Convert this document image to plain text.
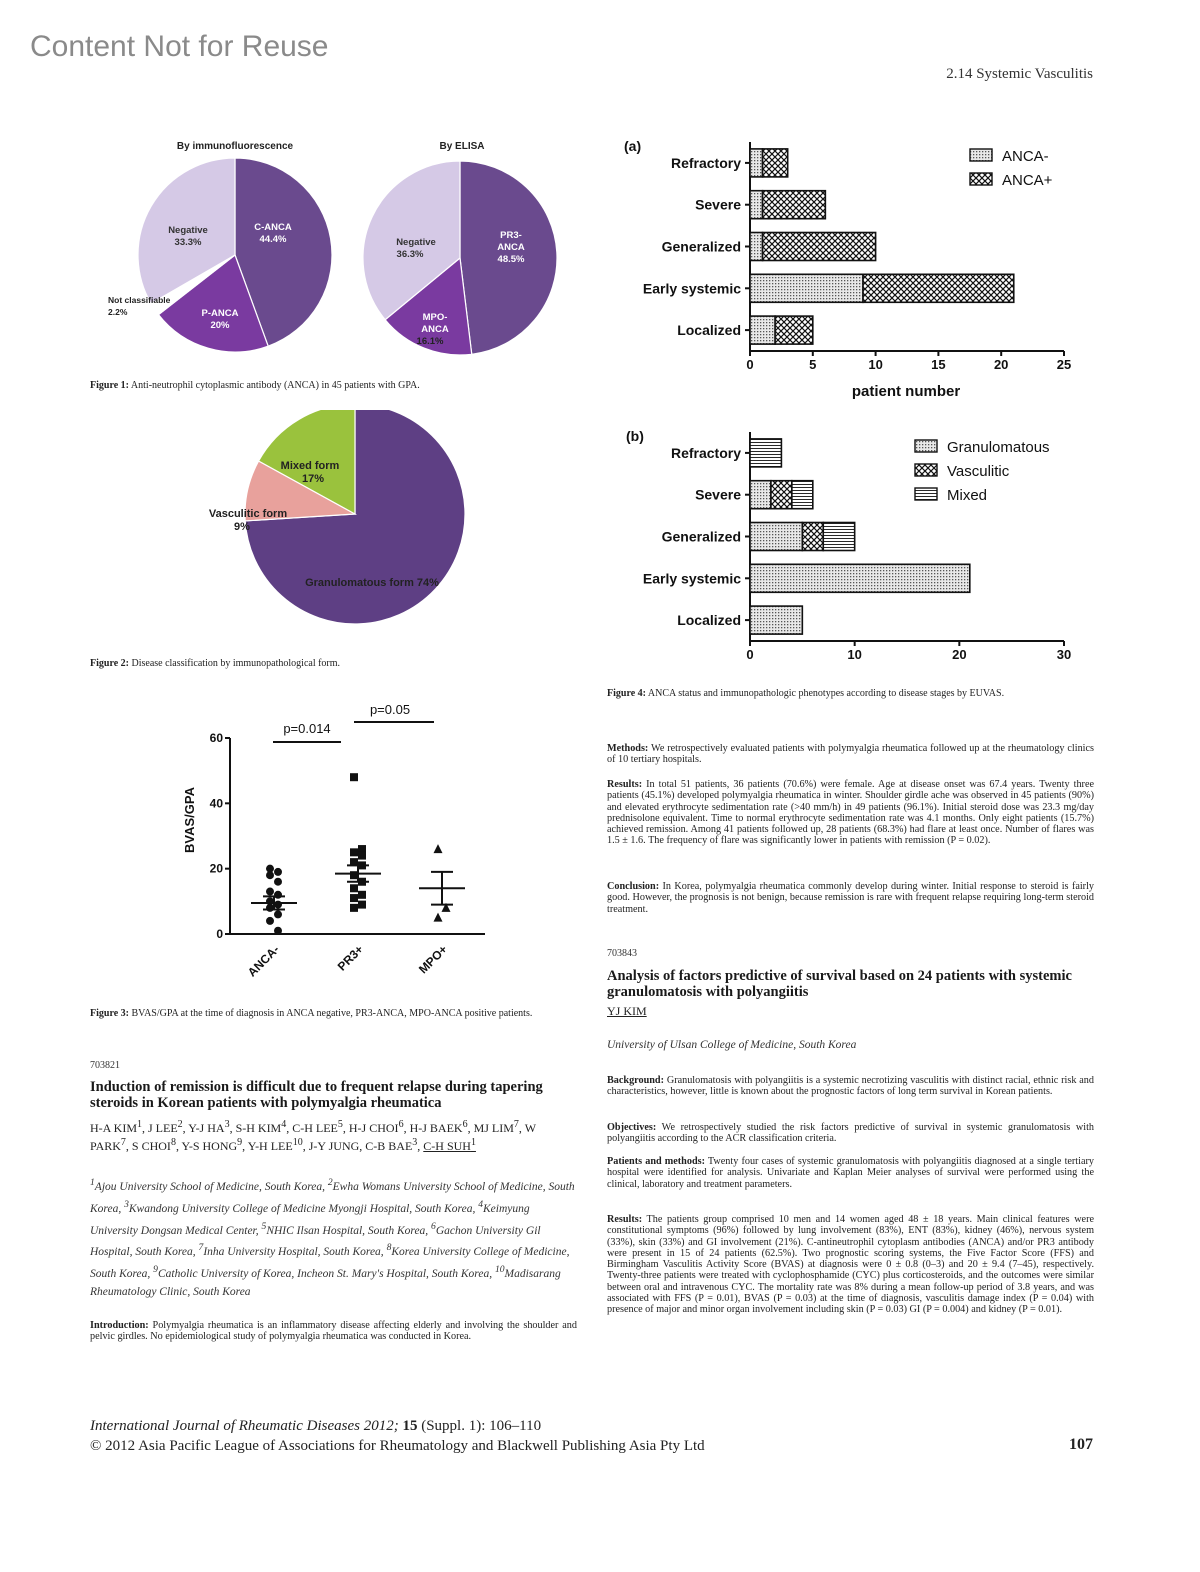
Content Not for Reuse
2.14 Systemic Vasculitis
By immunofluorescence	By ELISA
C-ANCA
44.4%
Negative
33.3%
P-ANCA
20%
PR3-
ANCA
48.5%
Negative
36.3%
MPO-
ANCA
16.1%
Not classifiable
2.2%
Figure 1: Anti-neutrophil cytoplasmic antibody (ANCA) in 45 patients with GPA.
Mixed form
17%
Vasculitic form
9%
Granulomatous form 74%
Figure 2: Disease classification by immunopathological form.
BVAS/GPA
p=0.014
p=0.05
0
20
40
60
ANCA-	PR3+	MPO+
Figure 3: BVAS/GPA at the time of diagnosis in ANCA negative, PR3-ANCA, MPO-ANCA positive patients.
(a)
patient number
0	5	10	15	20	25
Refractory
Severe
Generalized
Early systemic
Localized
ANCA-
ANCA+
(b)
0	10	20	30
Refractory
Severe
Generalized
Early systemic
Localized
Granulomatous
Vasculitic
Mixed
Figure 4: ANCA status and immunopathologic phenotypes according to disease stages by EUVAS.
Methods: We retrospectively evaluated patients with polymyalgia rheumatica followed up at the rheumatology clinics of 10 tertiary hospitals.
Results: In total 51 patients, 36 patients (70.6%) were female. Age at disease onset was 67.4 years. Twenty three patients (45.1%) developed polymyalgia rheumatica in winter. Shoulder girdle ache was observed in 45 patients (90%) and elevated erythrocyte sedimentation rate (>40 mm/h) in 49 patients (96.1%). Initial steroid dose was 23.3 mg/day prednisolone equivalent. Time to normal erythrocyte sedimentation rate was 4.1 months. Only eight patients (15.7%) achieved remission. Among 41 patients followed up, 28 patients (68.3%) had flare at least once. Number of flares was 1.5 ± 1.6. The frequency of flare was significantly lower in patients with remission (P = 0.02).
Conclusion: In Korea, polymyalgia rheumatica commonly develop during winter. Initial response to steroid is fairly good. However, the prognosis is not benign, because remission is rare with frequent relapse requiring long-term steroid treatment.
703843
Analysis of factors predictive of survival based on 24 patients with systemic granulomatosis with polyangiitis
YJ KIM
University of Ulsan College of Medicine, South Korea
Background: Granulomatosis with polyangiitis is a systemic necrotizing vasculitis with distinct racial, ethnic risk and characteristics, however, little is known about the prognostic factors of long term survival in Korean patients.
Objectives: We retrospectively studied the risk factors predictive of survival in systemic granulomatosis with polyangiitis according to the ACR classification criteria.
Patients and methods: Twenty four cases of systemic granulomatosis with polyangiitis diagnosed at a single tertiary hospital were identified for analysis. Univariate and Kaplan Meier analyses of survival were performed using the clinical, laboratory and treatment parameters.
Results: The patients group comprised 10 men and 14 women aged 48 ± 18 years. Main clinical features were constitutional symptoms (96%) followed by lung involvement (83%), ENT (83%), kidney (46%), nervous system (33%), skin (33%) and GI involvement (21%). C-antineutrophil cytoplasm antibodies (ANCA) and/or PR3 antibody were present in 15 of 24 patients (62.5%). Two prognostic scoring systems, the Five Factor Score (FFS) and Birmingham Vasculitis Activity Score (BVAS) at diagnosis were 0 ± 0.8 (0–3) and 20 ± 9.4 (7–45), respectively. Twenty-three patients were treated with cyclophosphamide (CYC) plus corticosteroids, and the outcomes were similar between oral and intravenous CYC. The mortality rate was 8% during a mean follow-up period of 3.8 years, and was associated with FFS (P = 0.01), BVAS (P = 0.03) at the time of diagnosis, vasculitis damage index (P = 0.04) with presence of major and minor organ involvement including skin (P = 0.03) GI (P = 0.004) and kidney (P = 0.01).
703821
Induction of remission is difficult due to frequent relapse during tapering steroids in Korean patients with polymyalgia rheumatica
H-A KIM$^1$, J LEE$^2$, Y-J $HA^3$, S-H KIM$^4$, C-H LEE$^5$, H-J CHOI$^6$, H-J BAEK$^6$, MJ LIM$^7$, W PARK$^7$, S CHOI$^8$, Y-S HONG$^9$, Y-H LEE$^{10}$, J-Y JUNG, C-B BAE$^3$, C-H SUH$^1$
$^1$Ajou University School of Medicine, South Korea, $^2$Ewha Womans University School of Medicine, South Korea, $^3$Kwandong University College of Medicine Myongji Hospital, South Korea, $^4$Keimyung University Dongsan Medical Center, $^5$NHIC Ilsan Hospital, South Korea, $^6$Gachon University Gil Hospital, South Korea, $^7$Inha University Hospital, South Korea, $^8$Korea University College of Medicine, South Korea, $^9$Catholic University of Korea, Incheon St. Mary's Hospital, South Korea, $^{10}$Madisarang Rheumatology Clinic, South Korea
Introduction: Polymyalgia rheumatica is an inflammatory disease affecting elderly and involving the shoulder and pelvic girdles. No epidemiological study of polymyalgia rheumatica was conducted in Korea.
International Journal of Rheumatic Diseases 2012; 15 (Suppl. 1): 106–110
© 2012 Asia Pacific League of Associations for Rheumatology and Blackwell Publishing Asia Pty Ltd	107
